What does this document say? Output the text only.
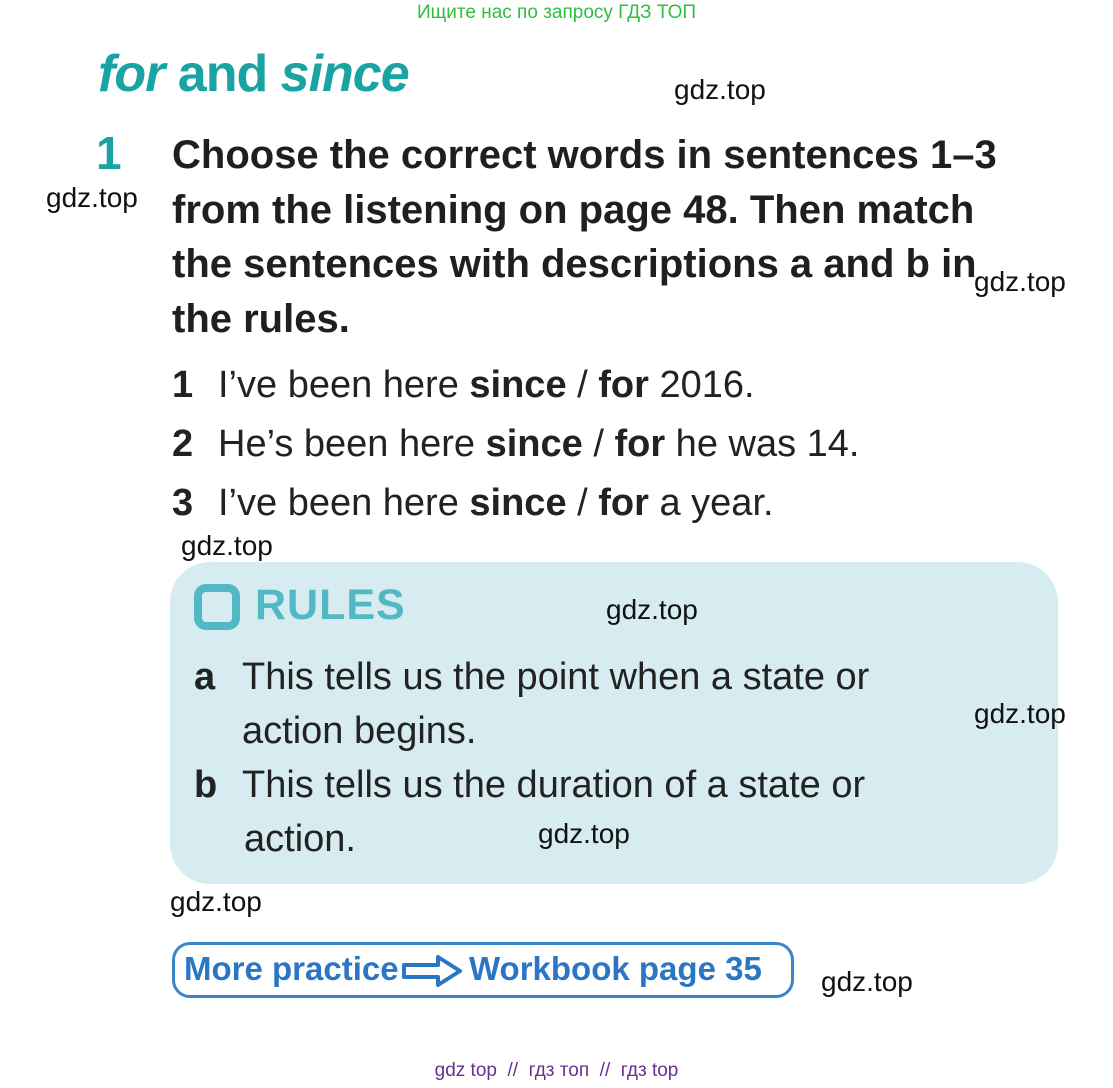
Ищите нас по запросу ГДЗ ТОП
for and since
1 Choose the correct words in sentences 1–3
from the listening on page 48. Then match
the sentences with descriptions a and b in
the rules.
1 I’ve been here since / for 2016.
2 He’s been here since / for he was 14.
3 I’ve been here since / for a year.
RULES
a This tells us the point when a state or
action begins.
b This tells us the duration of a state or
action.
More practice Workbook page 35
gdz.top
gdz.top
gdz.top
gdz.top
gdz.top
gdz.top
gdz.top
gdz.top
gdz.top
gdz top  //  гдз топ  //  гдз top
